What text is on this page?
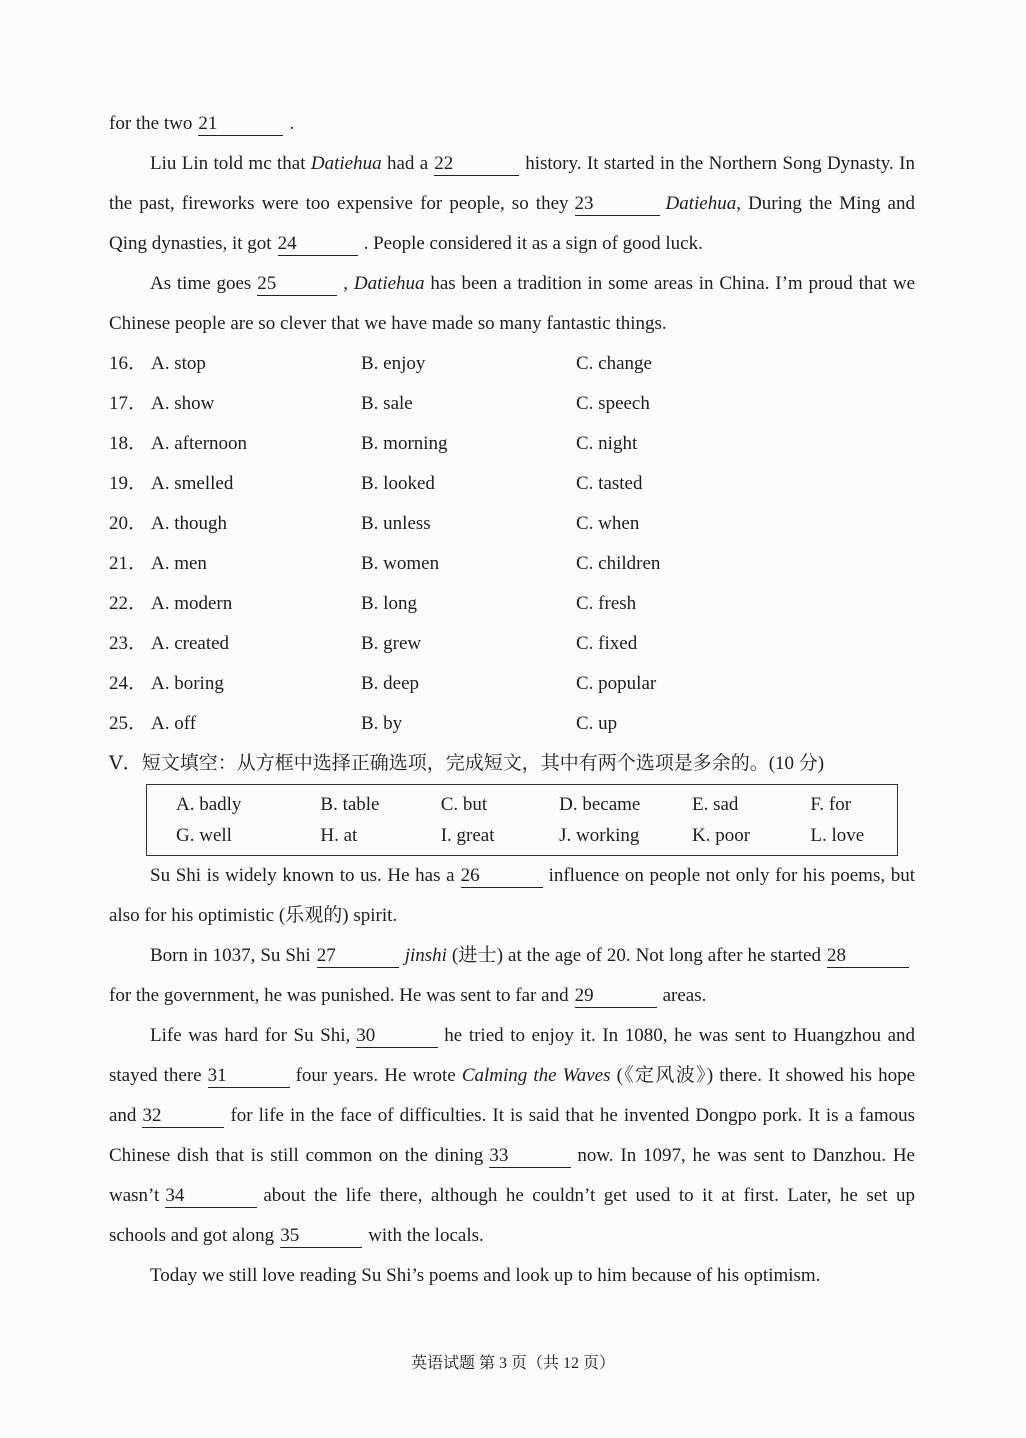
for the two 21	.

Liu Lin told mc that Datiehua had a 22	history. It started in the Northern Song Dynasty. In the past, fireworks were too expensive for people, so they 23	Datiehua, During the Ming and Qing dynasties, it got 24	. People considered it as a sign of good luck.

As time goes 25	, Datiehua has been a tradition in some areas in China. I’m proud that we Chinese people are so clever that we have made so many fantastic things.

16． A. stop	B. enjoy	C. change
17． A. show	B. sale	C. speech
18． A. afternoon	B. morning	C. night
19． A. smelled	B. looked	C. tasted
20． A. though	B. unless	C. when
21． A. men	B. women	C. children
22． A. modern	B. long	C. fresh
23． A. created	B. grew	C. fixed
24． A. boring	B. deep	C. popular
25． A. off	B. by	C. up
Ⅴ．短文填空：从方框中选择正确选项，完成短文，其中有两个选项是多余的。(10 分)
A. badly	B. table	C. but	D. became	E. sad	F. for
G. well	H. at	I. great	J. working	K. poor	L. love

Su Shi is widely known to us. He has a 26	influence on people not only for his poems, but also for his optimistic (乐观的) spirit.

Born in 1037, Su Shi 27	jinshi (进士) at the age of 20. Not long after he started 28for the government, he was punished. He was sent to far and 29	areas.

Life was hard for Su Shi, 30	he tried to enjoy it. In 1080, he was sent to Huangzhou and stayed there 31	four years. He wrote Calming the Waves (《定风波》) there. It showed his hope and 32	for life in the face of difficulties. It is said that he invented Dongpo pork. It is a famous Chinese dish that is still common on the dining 33	now. In 1097, he was sent to Danzhou. He wasn’t 34	about the life there, although he couldn’t get used to it at first. Later, he set up schools and got along 35	with the locals.

Today we still love reading Su Shi’s poems and look up to him because of his optimism.

英语试题 第 3 页（共 12 页）
